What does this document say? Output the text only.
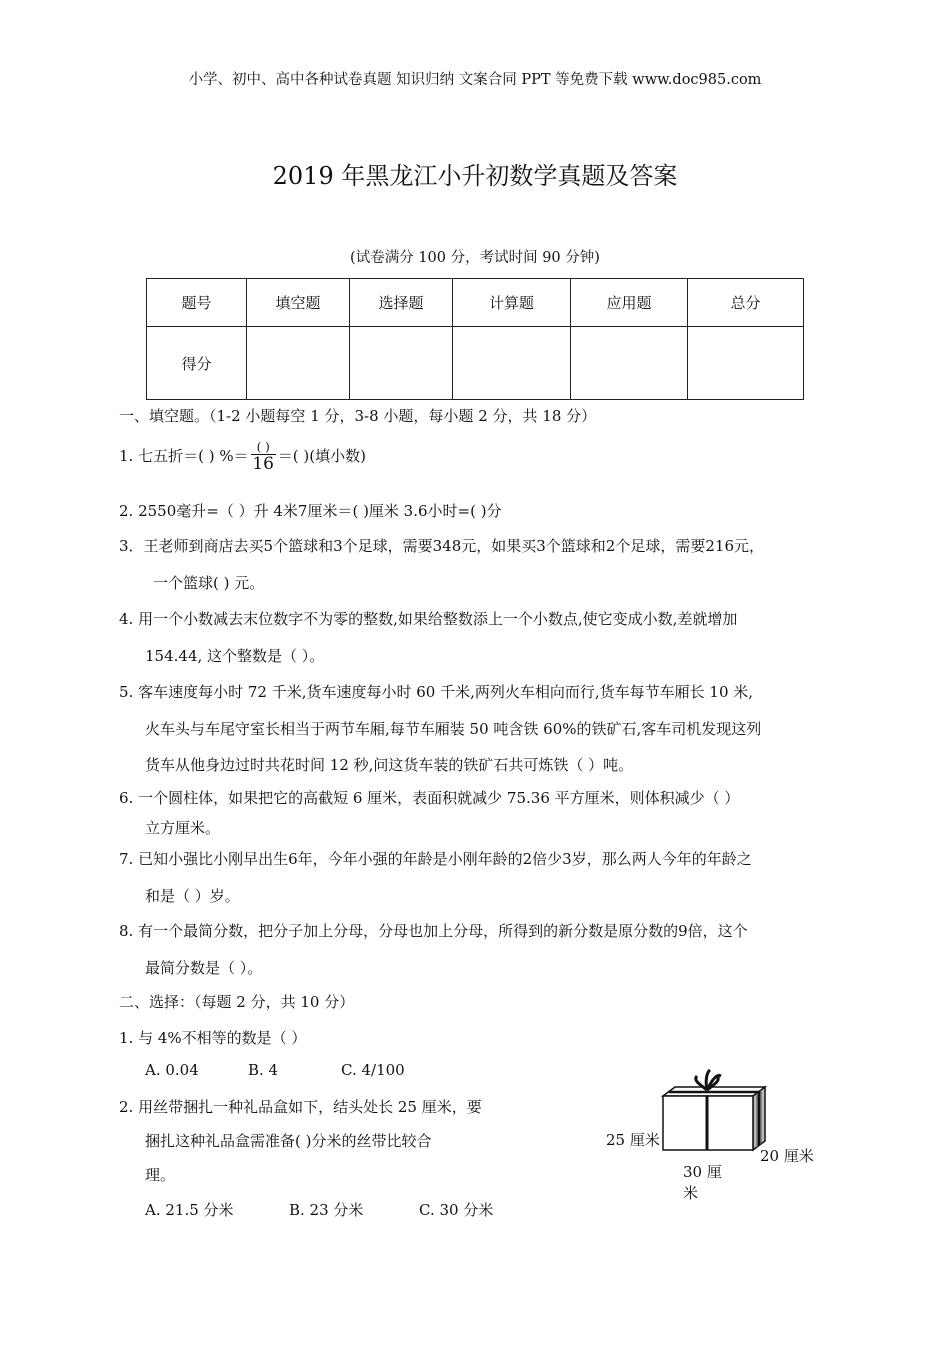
小学、初中、高中各种试卷真题 知识归纳 文案合同 PPT 等免费下载 www.doc985.com
2019 年黑龙江小升初数学真题及答案
(试卷满分 100 分，考试时间 90 分钟)
题号	填空题	选择题	计算题	应用题	总分
得分					
一、填空题。（1-2 小题每空 1 分，3-8 小题，每小题 2 分，共 18 分）
1. 七五折＝( ) %＝ $\frac{( )}{16}$ ＝( )(填小数)
2. 2550毫升=（ ）升 4米7厘米＝( )厘米 3.6小时=( )分
3．王老师到商店去买5个篮球和3个足球，需要348元，如果买3个篮球和2个足球，需要216元，
一个篮球( ) 元。
4. 用一个小数减去末位数字不为零的整数,如果给整数添上一个小数点,使它变成小数,差就增加
154.44, 这个整数是（ ）。
5. 客车速度每小时 72 千米,货车速度每小时 60 千米,两列火车相向而行,货车每节车厢长 10 米,
火车头与车尾守室长相当于两节车厢,每节车厢装 50 吨含铁 60%的铁矿石,客车司机发现这列
货车从他身边过时共花时间 12 秒,问这货车装的铁矿石共可炼铁（ ）吨。
6. 一个圆柱体，如果把它的高截短 6 厘米，表面积就减少 75.36 平方厘米，则体积减少（ ）
立方厘米。
7. 已知小强比小刚早出生6年，今年小强的年龄是小刚年龄的2倍少3岁，那么两人今年的年龄之
和是（ ）岁。
8. 有一个最简分数，把分子加上分母，分母也加上分母，所得到的新分数是原分数的9倍，这个
最简分数是（ ）。
二、选择：（每题 2 分，共 10 分）
1. 与 4%不相等的数是（ ）
A. 0.04	B. 4	C. 4/100
2. 用丝带捆扎一种礼品盒如下，结头处长 25 厘米，要
捆扎这种礼品盒需准备( )分米的丝带比较合
理。
A. 21.5 分米	B. 23 分米	C. 30 分米
25 厘米
20 厘米
30 厘
米
